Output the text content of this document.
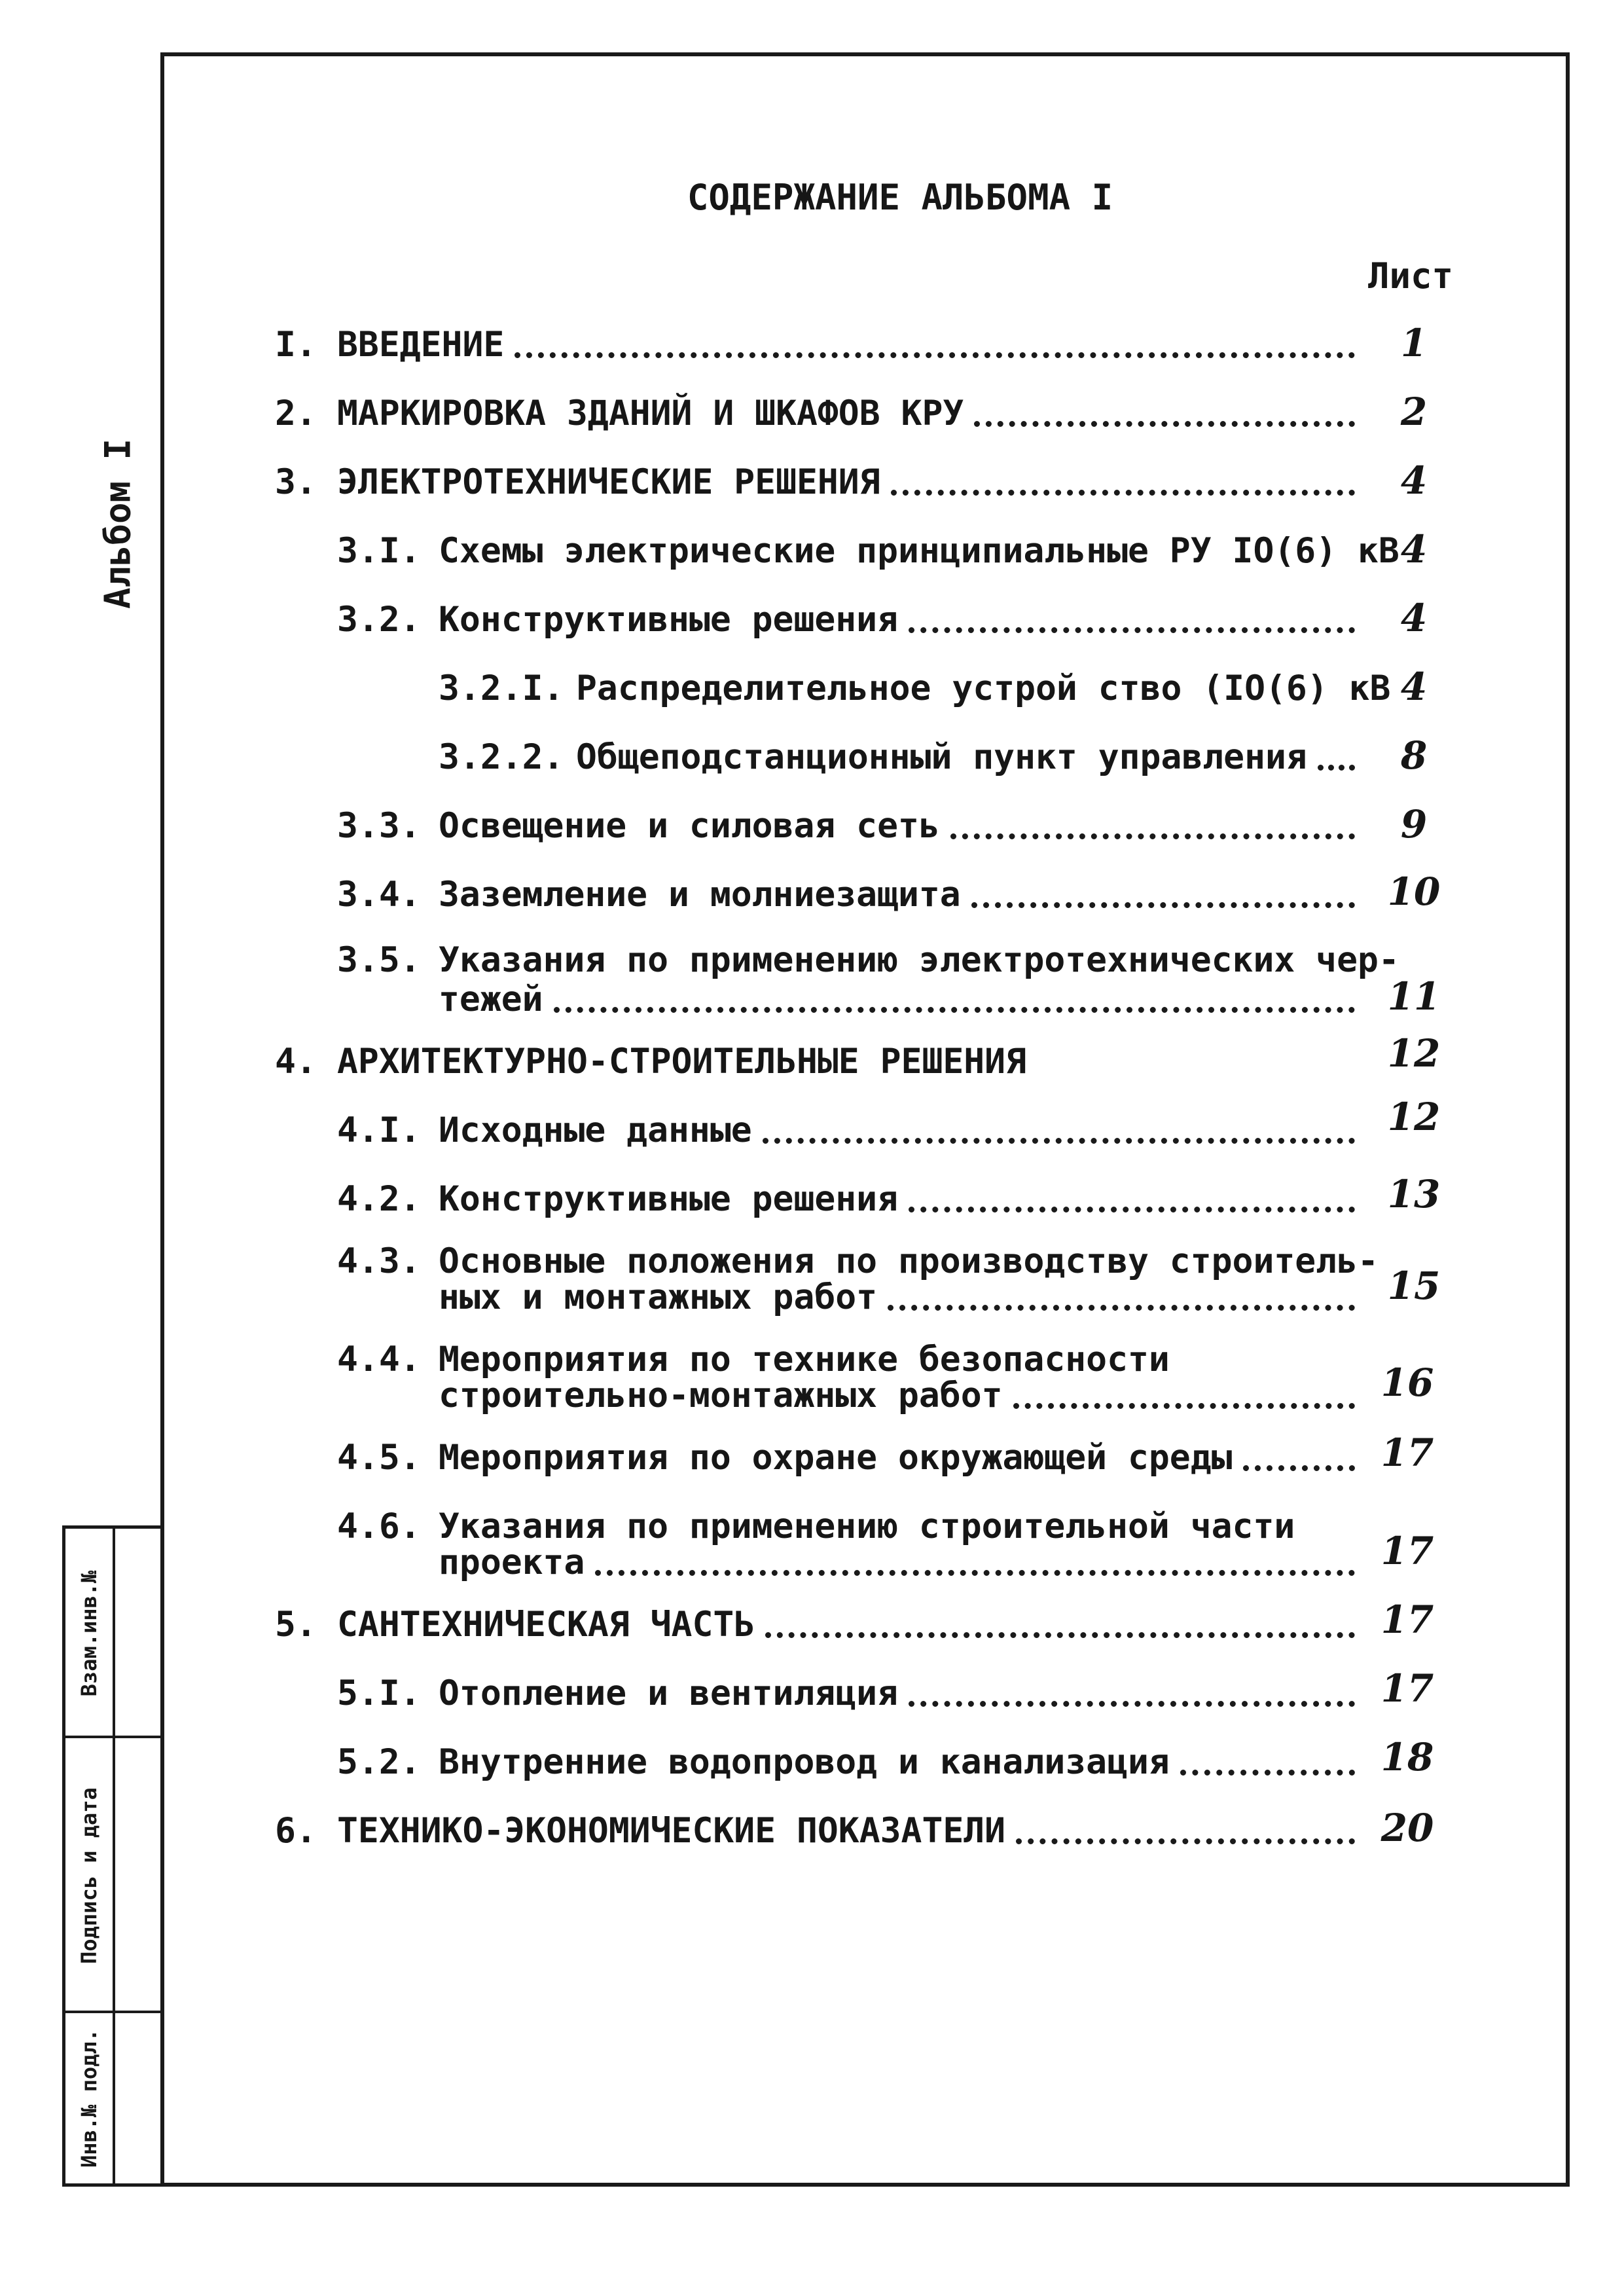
Альбом I
Взам.инв.№
Подпись и дата
Инв.№ подл.
СОДЕРЖАНИЕ АЛЬБОМА I
Лист
I. ВВЕДЕНИЕ	1
2. МАРКИРОВКА ЗДАНИЙ И ШКАФОВ КРУ	2
3. ЭЛЕКТРОТЕХНИЧЕСКИЕ РЕШЕНИЯ	4
3.I. Схемы электрические принципиальные РУ IO(6) кВ 4
3.2. Конструктивные решения	4
3.2.I. Распределительное устрой ство (IO(6) кВ 4
3.2.2. Общеподстанционный пункт управления	8
3.3. Освещение и силовая сеть	9
3.4. Заземление и молниезащита	10
3.5. Указания по применению электротехнических чер-
тежей	11
4. АРХИТЕКТУРНО-СТРОИТЕЛЬНЫЕ РЕШЕНИЯ	12
4.I. Исходные данные	12
4.2. Конструктивные решения	13
4.3. Основные положения по производству строитель-
ных и монтажных работ	15
4.4. Мероприятия по технике безопасности
строительно-монтажных работ	16
4.5. Мероприятия по охране окружающей среды	17
4.6. Указания по применению строительной части
проекта	17
5. САНТЕХНИЧЕСКАЯ ЧАСТЬ	17
5.I. Отопление и вентиляция	17
5.2. Внутренние водопровод и канализация	18
6. ТЕХНИКО-ЭКОНОМИЧЕСКИЕ ПОКАЗАТЕЛИ	20
